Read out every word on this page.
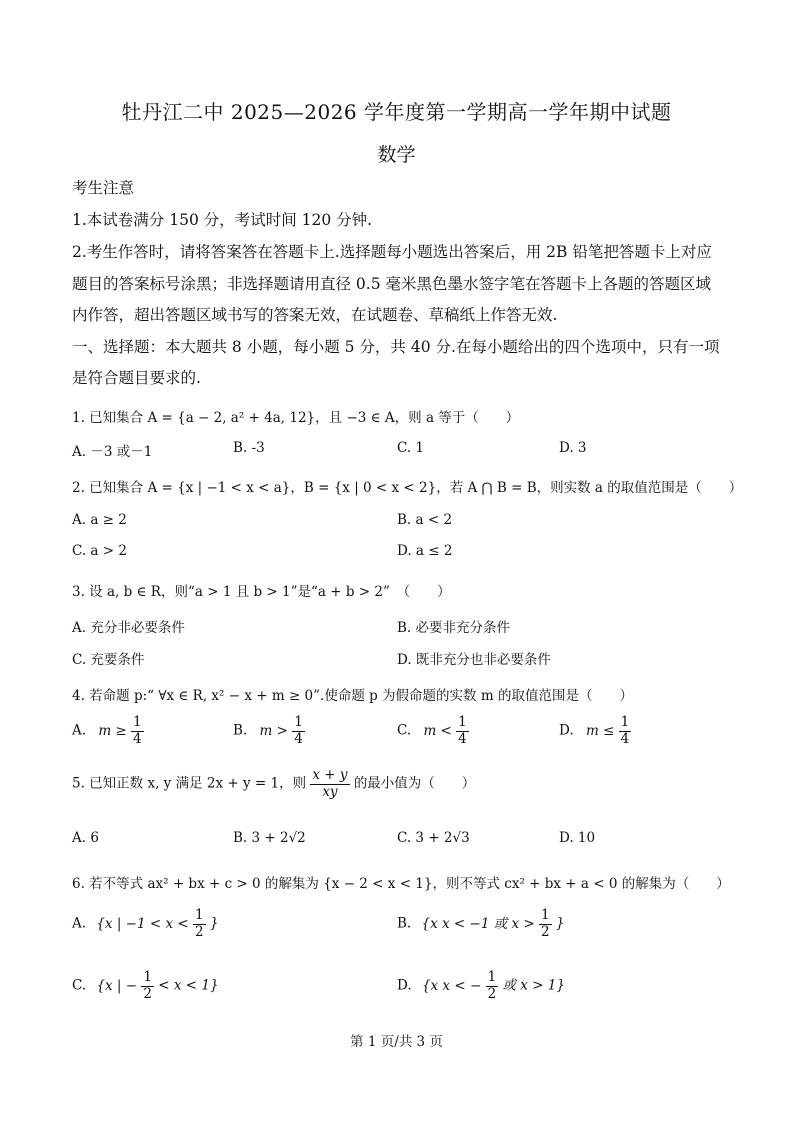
牡丹江二中 2025—2026 学年度第一学期高一学年期中试题
数学
考生注意
1.本试卷满分 150 分，考试时间 120 分钟.
2.考生作答时，请将答案答在答题卡上.选择题每小题选出答案后，用 2B 铅笔把答题卡上对应
题目的答案标号涂黑；非选择题请用直径 0.5 毫米黑色墨水签字笔在答题卡上各题的答题区域
内作答，超出答题区域书写的答案无效，在试题卷、草稿纸上作答无效.
一、选择题：本大题共 8 小题，每小题 5 分，共 40 分.在每小题给出的四个选项中，只有一项
是符合题目要求的.
1. 已知集合 A = {a − 2, a² + 4a, 12}，且 −3 ∈ A，则 a 等于（　　）
A. －3 或－1	B. -3	C. 1	D. 3
2. 已知集合 A = {x | −1 < x < a}，B = {x | 0 < x < 2}，若 A ⋂ B = B，则实数 a 的取值范围是（　　）
A. a ≥ 2	B. a < 2
C. a > 2	D. a ≤ 2
3. 设 a, b ∈ R，则“a > 1 且 b > 1”是“a + b > 2”　（　　）
A. 充分非必要条件	B. 必要非充分条件
C. 充要条件	D. 既非充分也非必要条件
4. 若命题 p:“ ∀x ∈ R, x² − x + m ≥ 0”.使命题 p 为假命题的实数 m 的取值范围是（　　）
A. $m \ge \frac{1}{4}$	B. $m > \frac{1}{4}$	C. $m < \frac{1}{4}$	D. $m \le \frac{1}{4}$
5. 已知正数 x, y 满足 2x + y = 1，则 $\frac{x + y}{xy}$ 的最小值为（　　）
A. 6	B. 3 + 2√2	C. 3 + 2√3	D. 10
6. 若不等式 ax² + bx + c > 0 的解集为 {x − 2 < x < 1}，则不等式 cx² + bx + a < 0 的解集为（　　）
A. {x | $-1 < x < \frac{1}{2}$ }	B. {x x < −1 或 $x > \frac{1}{2}$ }
C. {x | − $\frac{1}{2} < x < 1$}	D. {x x < − $\frac{1}{2}$ 或 x > 1}
第 1 页/共 3 页
